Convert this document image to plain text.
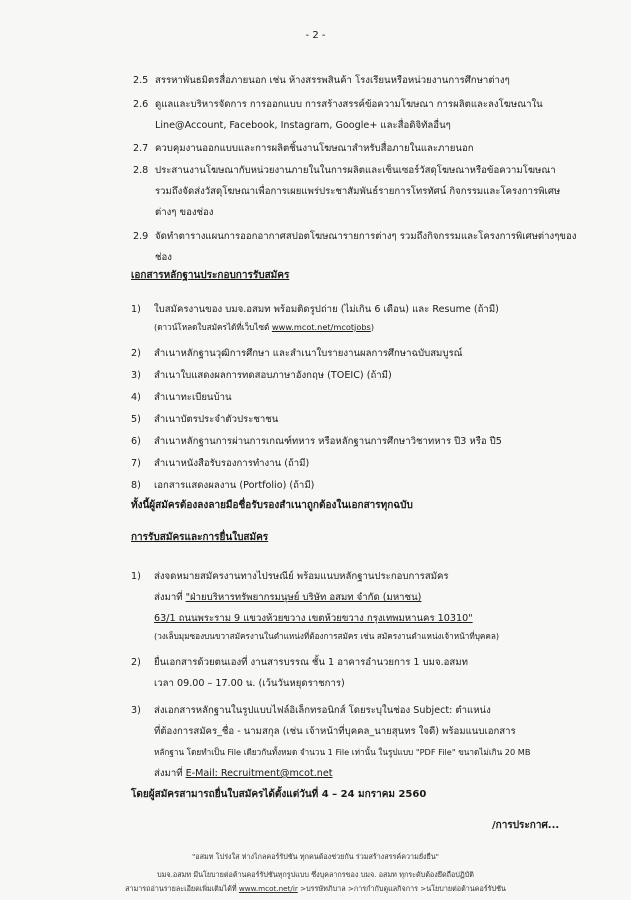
- 2 -
2.5 สรรหาพันธมิตรสื่อภายนอก เช่น ห้างสรรพสินค้า โรงเรียนหรือหน่วยงานการศึกษาต่างๆ
2.6 ดูแลและบริหารจัดการ การออกแบบ การสร้างสรรค์ข้อความโฆษณา การผลิตและลงโฆษณาใน
Line@Account, Facebook, Instagram, Google+ และสื่อดิจิทัลอื่นๆ
2.7 ควบคุมงานออกแบบและการผลิตชิ้นงานโฆษณาสำหรับสื่อภายในและภายนอก
2.8 ประสานงานโฆษณากับหน่วยงานภายในในการผลิตและเซ็นเซอร์วัสดุโฆษณาหรือข้อความโฆษณา
รวมถึงจัดส่งวัสดุโฆษณาเพื่อการเผยแพร่ประชาสัมพันธ์รายการโทรทัศน์ กิจกรรมและโครงการพิเศษ
ต่างๆ ของช่อง
2.9 จัดทำตารางแผนการออกอากาศสปอตโฆษณารายการต่างๆ รวมถึงกิจกรรมและโครงการพิเศษต่างๆของช่อง
เอกสารหลักฐานประกอบการรับสมัคร
1)	ใบสมัครงานของ บมจ.อสมท พร้อมติดรูปถ่าย (ไม่เกิน 6 เดือน) และ Resume (ถ้ามี)
(ดาวน์โหลดใบสมัครได้ที่เว็บไซต์ www.mcot.net/mcotjobs)
2)	สำเนาหลักฐานวุฒิการศึกษา และสำเนาใบรายงานผลการศึกษาฉบับสมบูรณ์
3)	สำเนาใบแสดงผลการทดสอบภาษาอังกฤษ (TOEIC) (ถ้ามี)
4)	สำเนาทะเบียนบ้าน
5)	สำเนาบัตรประจำตัวประชาชน
6)	สำเนาหลักฐานการผ่านการเกณฑ์ทหาร หรือหลักฐานการศึกษาวิชาทหาร ปี3 หรือ ปี5
7)	สำเนาหนังสือรับรองการทำงาน (ถ้ามี)
8)	เอกสารแสดงผลงาน (Portfolio) (ถ้ามี)
ทั้งนี้ผู้สมัครต้องลงลายมือชื่อรับรองสำเนาถูกต้องในเอกสารทุกฉบับ
การรับสมัครและการยื่นใบสมัคร
1)	ส่งจดหมายสมัครงานทางไปรษณีย์ พร้อมแนบหลักฐานประกอบการสมัคร
ส่งมาที่ "ฝ่ายบริหารทรัพยากรมนุษย์ บริษัท อสมท จำกัด (มหาชน)
63/1 ถนนพระราม 9 แขวงห้วยขวาง เขตห้วยขวาง กรุงเทพมหานคร 10310"
(วงเล็บมุมซองบนขวาสมัครงานในตำแหน่งที่ต้องการสมัคร เช่น สมัครงานตำแหน่งเจ้าหน้าที่บุคคล)
2)	ยื่นเอกสารด้วยตนเองที่ งานสารบรรณ ชั้น 1 อาคารอำนวยการ 1 บมจ.อสมท
เวลา 09.00 – 17.00 น. (เว้นวันหยุดราชการ)
3)	ส่งเอกสารหลักฐานในรูปแบบไฟล์อิเล็กทรอนิกส์ โดยระบุในช่อง Subject: ตำแหน่ง
ที่ต้องการสมัคร_ชื่อ - นามสกุล (เช่น เจ้าหน้าที่บุคคล_นายสุนทร ใจดี) พร้อมแนบเอกสาร
หลักฐาน โดยทำเป็น File เดียวกันทั้งหมด จำนวน 1 File เท่านั้น ในรูปแบบ "PDF File" ขนาดไม่เกิน 20 MB
ส่งมาที่ E-Mail: Recruitment@mcot.net
โดยผู้สมัครสามารถยื่นใบสมัครได้ตั้งแต่วันที่ 4 – 24 มกราคม 2560
/การประกาศ...
"อสมท โปร่งใส ห่างไกลคอร์รัปชัน ทุกคนต้องช่วยกัน ร่วมสร้างสรรค์ความยั่งยืน"
บมจ.อสมท มีนโยบายต่อต้านคอร์รัปชันทุกรูปแบบ ซึ่งบุคลากรของ บมจ. อสมท ทุกระดับต้องยึดถือปฏิบัติ
สามารถอ่านรายละเอียดเพิ่มเติมได้ที่ www.mcot.net/ir >บรรษัทภิบาล >การกำกับดูแลกิจการ >นโยบายต่อต้านคอร์รัปชัน
